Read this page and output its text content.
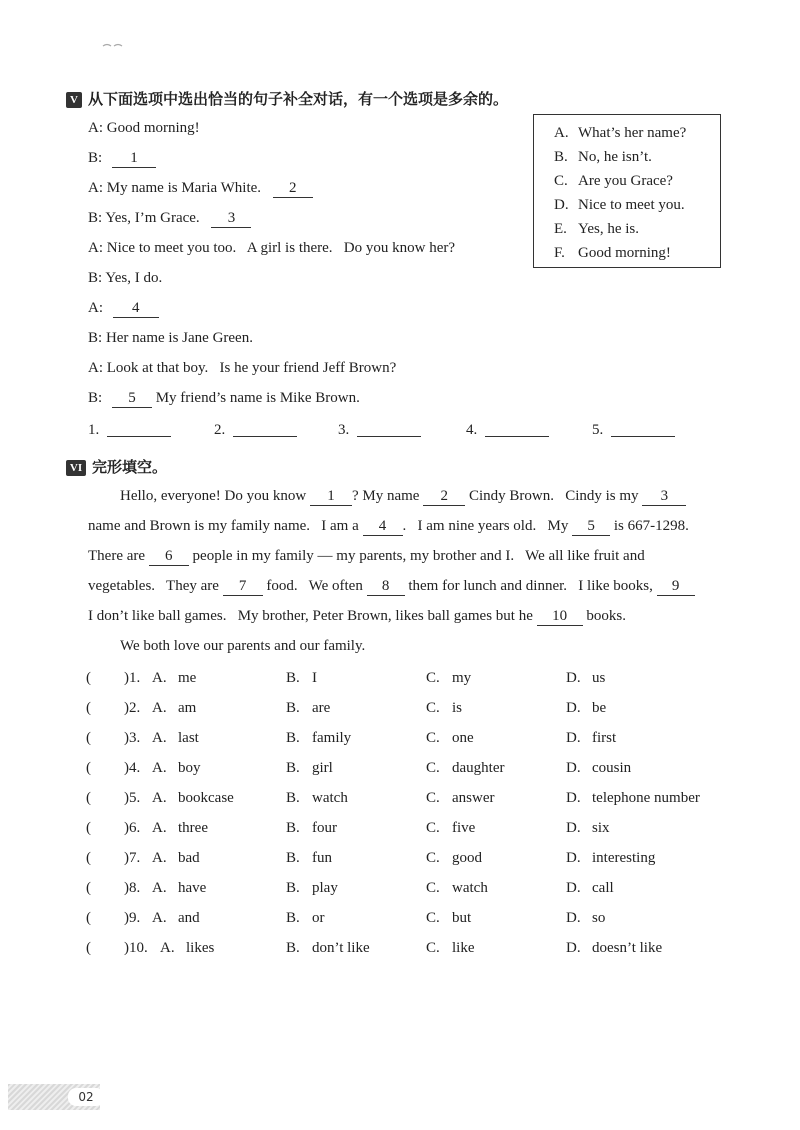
V 从下面选项中选出恰当的句子补全对话，有一个选项是多余的。
A: Good morning!
B: 1
A: My name is Maria White. 2
B: Yes, I’m Grace. 3
A: Nice to meet you too.   A girl is there.   Do you know her?
B: Yes, I do.
A: 4
B: Her name is Jane Green.
A: Look at that boy.   Is he your friend Jeff Brown?
B: 5 My friend’s name is Mike Brown.
A. What’s her name?
B. No, he isn’t.
C. Are you Grace?
D. Nice to meet you.
E. Yes, he is.
F. Good morning!
1.	2.	3.	4.	5.
VI 完形填空。
Hello, everyone! Do you know 1 ? My name 2 Cindy Brown.   Cindy is my 3
name and Brown is my family name.   I am a 4 .   I am nine years old.   My 5 is 667-1298.
There are 6 people in my family — my parents, my brother and I.   We all like fruit and
vegetables.   They are 7 food.   We often 8 them for lunch and dinner.   I like books, 9
I don’t like ball games.   My brother, Peter Brown, likes ball games but he 10 books.
We both love our parents and our family.
( )1. A. me	B. I	C. my	D. us
( )2. A. am	B. are	C. is	D. be
( )3. A. last	B. family	C. one	D. first
( )4. A. boy	B. girl	C. daughter	D. cousin
( )5. A. bookcase	B. watch	C. answer	D. telephone number
( )6. A. three	B. four	C. five	D. six
( )7. A. bad	B. fun	C. good	D. interesting
( )8. A. have	B. play	C. watch	D. call
( )9. A. and	B. or	C. but	D. so
( )10. A. likes	B. don’t like	C. like	D. doesn’t like
02
